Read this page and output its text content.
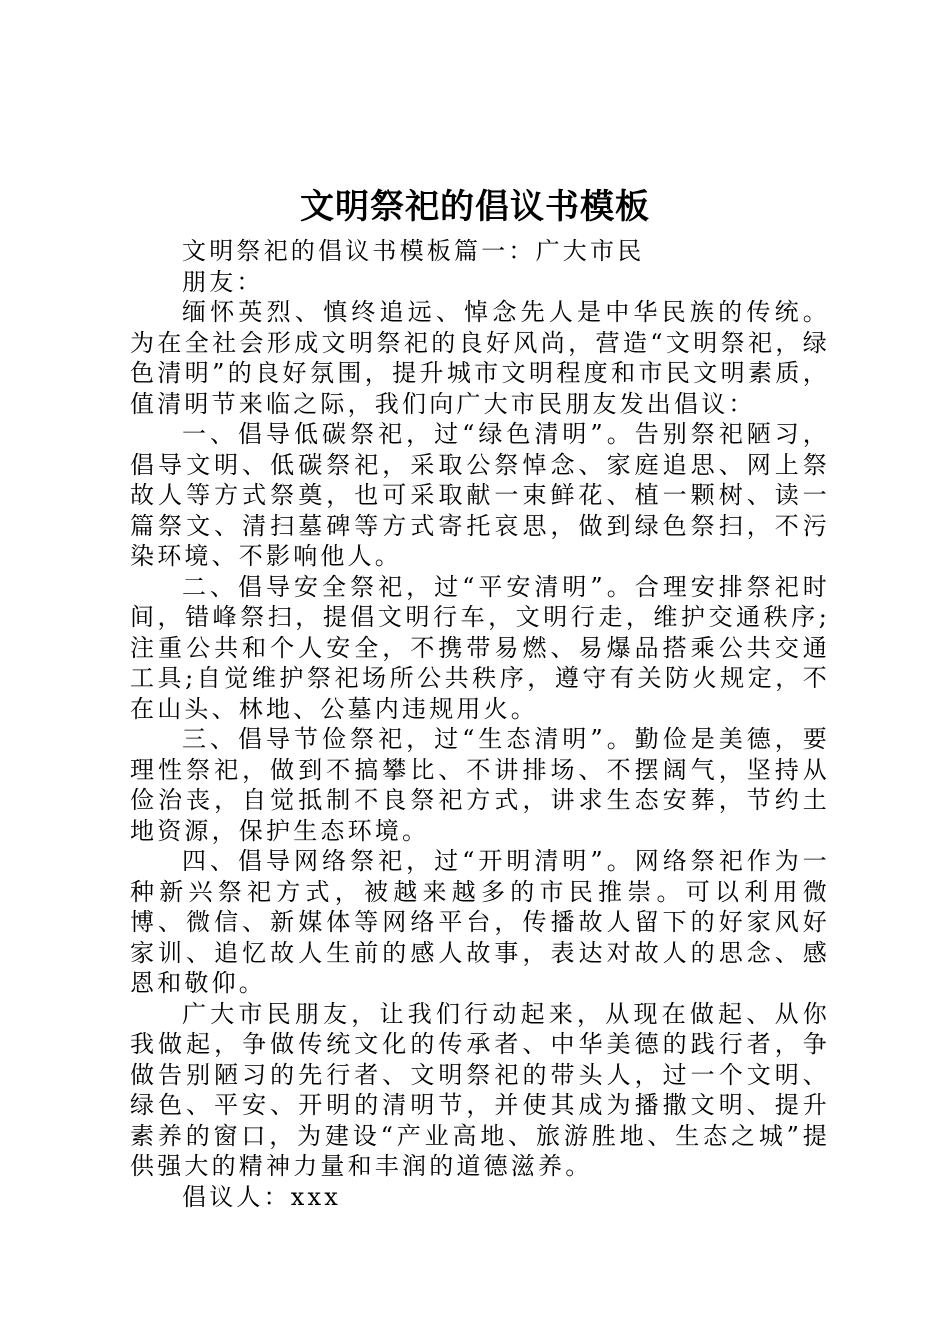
文明祭祀的倡议书模板

文明祭祀的倡议书模板篇一：广大市民

朋友：

缅怀英烈、慎终追远、悼念先人是中华民族的传统。为在全社会形成文明祭祀的良好风尚，营造“文明祭祀，绿色清明”的良好氛围，提升城市文明程度和市民文明素质，值清明节来临之际，我们向广大市民朋友发出倡议：

一、倡导低碳祭祀，过“绿色清明”。告别祭祀陋习，倡导文明、低碳祭祀，采取公祭悼念、家庭追思、网上祭故人等方式祭奠，也可采取献一束鲜花、植一颗树、读一篇祭文、清扫墓碑等方式寄托哀思，做到绿色祭扫，不污染环境、不影响他人。

二、倡导安全祭祀，过“平安清明”。合理安排祭祀时间，错峰祭扫，提倡文明行车，文明行走，维护交通秩序;注重公共和个人安全，不携带易燃、易爆品搭乘公共交通工具;自觉维护祭祀场所公共秩序，遵守有关防火规定，不在山头、林地、公墓内违规用火。

三、倡导节俭祭祀，过“生态清明”。勤俭是美德，要理性祭祀，做到不搞攀比、不讲排场、不摆阔气，坚持从俭治丧，自觉抵制不良祭祀方式，讲求生态安葬，节约土地资源，保护生态环境。

四、倡导网络祭祀，过“开明清明”。网络祭祀作为一种新兴祭祀方式，被越来越多的市民推崇。可以利用微博、微信、新媒体等网络平台，传播故人留下的好家风好家训、追忆故人生前的感人故事，表达对故人的思念、感恩和敬仰。

广大市民朋友，让我们行动起来，从现在做起、从你我做起，争做传统文化的传承者、中华美德的践行者，争做告别陋习的先行者、文明祭祀的带头人，过一个文明、绿色、平安、开明的清明节，并使其成为播撒文明、提升素养的窗口，为建设“产业高地、旅游胜地、生态之城”提供强大的精神力量和丰润的道德滋养。

倡议人：xxx
